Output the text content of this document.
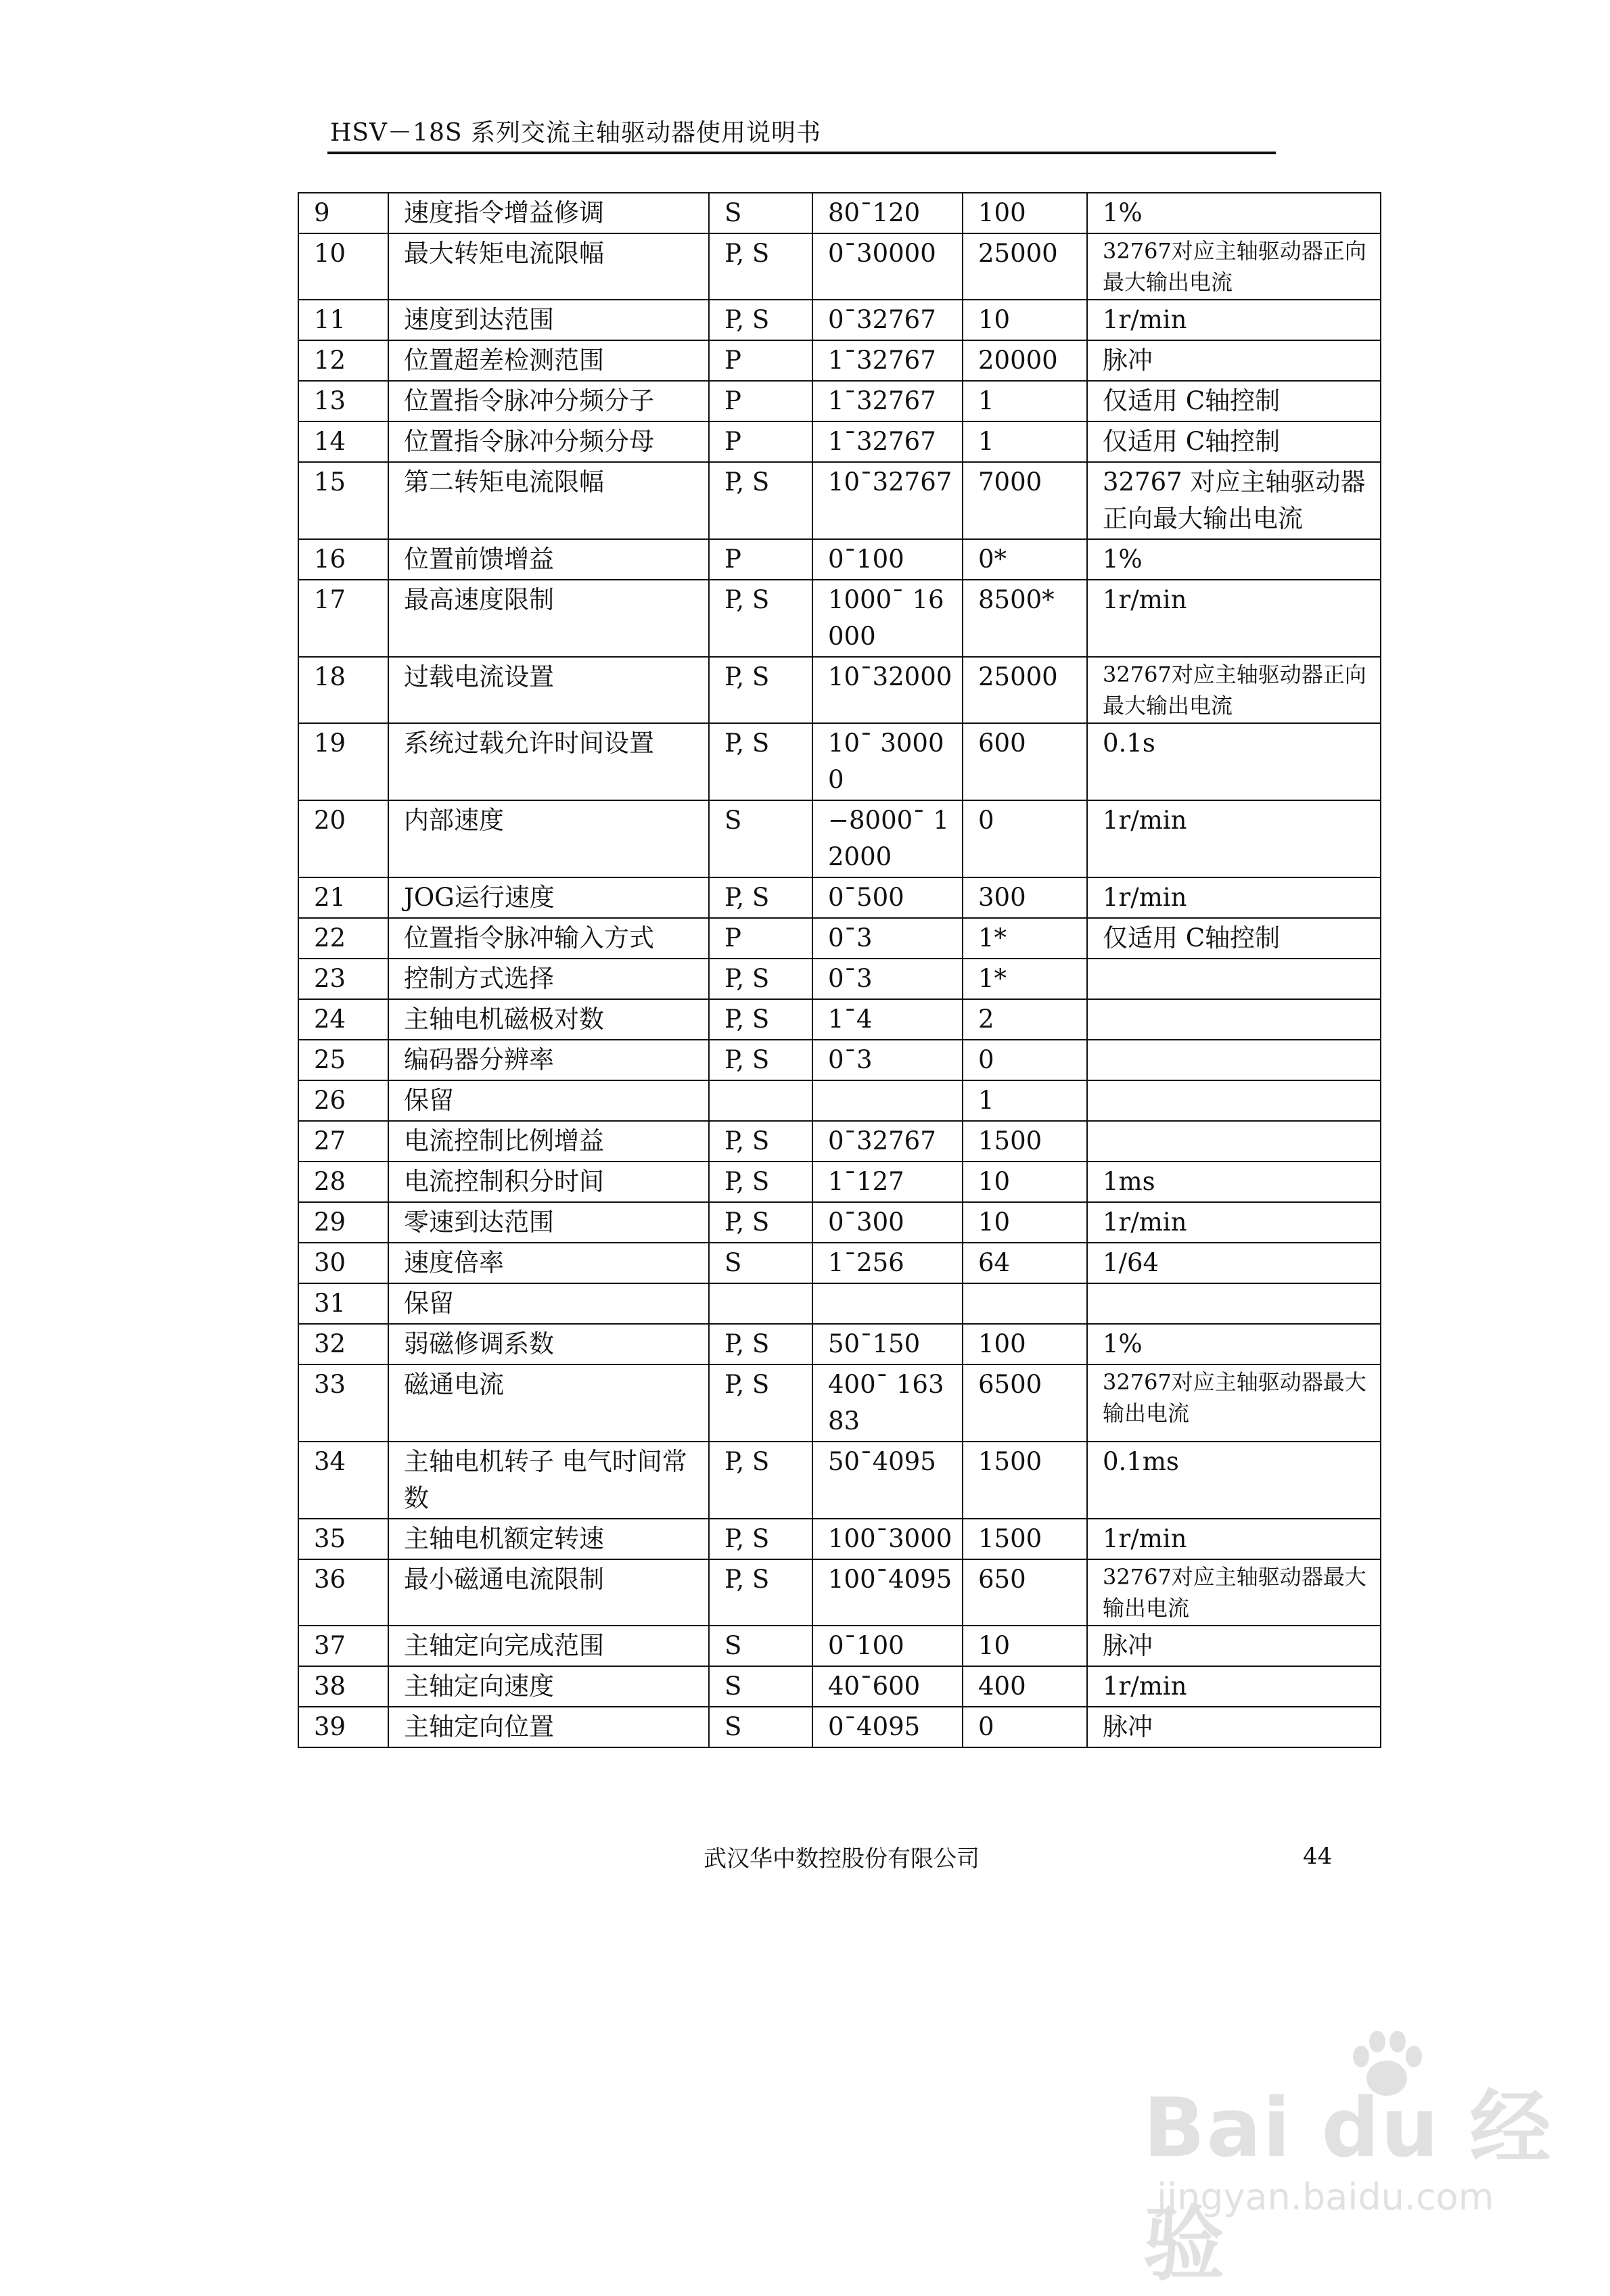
HSV－18S 系列交流主轴驱动器使用说明书
9	速度指令增益修调	S	80¯120	100	1%
10	最大转矩电流限幅	P, S	0¯30000	25000	32767对应主轴驱动器正向最大输出电流
11	速度到达范围	P, S	0¯32767	10	1r/min
12	位置超差检测范围	P	1¯32767	20000	脉冲
13	位置指令脉冲分频分子	P	1¯32767	1	仅适用 C轴控制
14	位置指令脉冲分频分母	P	1¯32767	1	仅适用 C轴控制
15	第二转矩电流限幅	P, S	10¯32767	7000	32767 对应主轴驱动器正向最大输出电流
16	位置前馈增益	P	0¯100	0*	1%
17	最高速度限制	P, S	1000¯ 16000	8500*	1r/min
18	过载电流设置	P, S	10¯32000	25000	32767对应主轴驱动器正向最大输出电流
19	系统过载允许时间设置	P, S	10¯ 30000	600	0.1s
20	内部速度	S	−8000¯ 12000	0	1r/min
21	JOG运行速度	P, S	0¯500	300	1r/min
22	位置指令脉冲输入方式	P	0¯3	1*	仅适用 C轴控制
23	控制方式选择	P, S	0¯3	1*	
24	主轴电机磁极对数	P, S	1¯4	2	
25	编码器分辨率	P, S	0¯3	0	
26	保留			1	
27	电流控制比例增益	P, S	0¯32767	1500	
28	电流控制积分时间	P, S	1¯127	10	1ms
29	零速到达范围	P, S	0¯300	10	1r/min
30	速度倍率	S	1¯256	64	1/64
31	保留				
32	弱磁修调系数	P, S	50¯150	100	1%
33	磁通电流	P, S	400¯ 16383	6500	32767对应主轴驱动器最大输出电流
34	主轴电机转子 电气时间常数	P, S	50¯4095	1500	0.1ms
35	主轴电机额定转速	P, S	100¯3000	1500	1r/min
36	最小磁通电流限制	P, S	100¯4095	650	32767对应主轴驱动器最大输出电流
37	主轴定向完成范围	S	0¯100	10	脉冲
38	主轴定向速度	S	40¯600	400	1r/min
39	主轴定向位置	S	0¯4095	0	脉冲
武汉华中数控股份有限公司	44
Bai du 经验
jingyan.baidu.com
